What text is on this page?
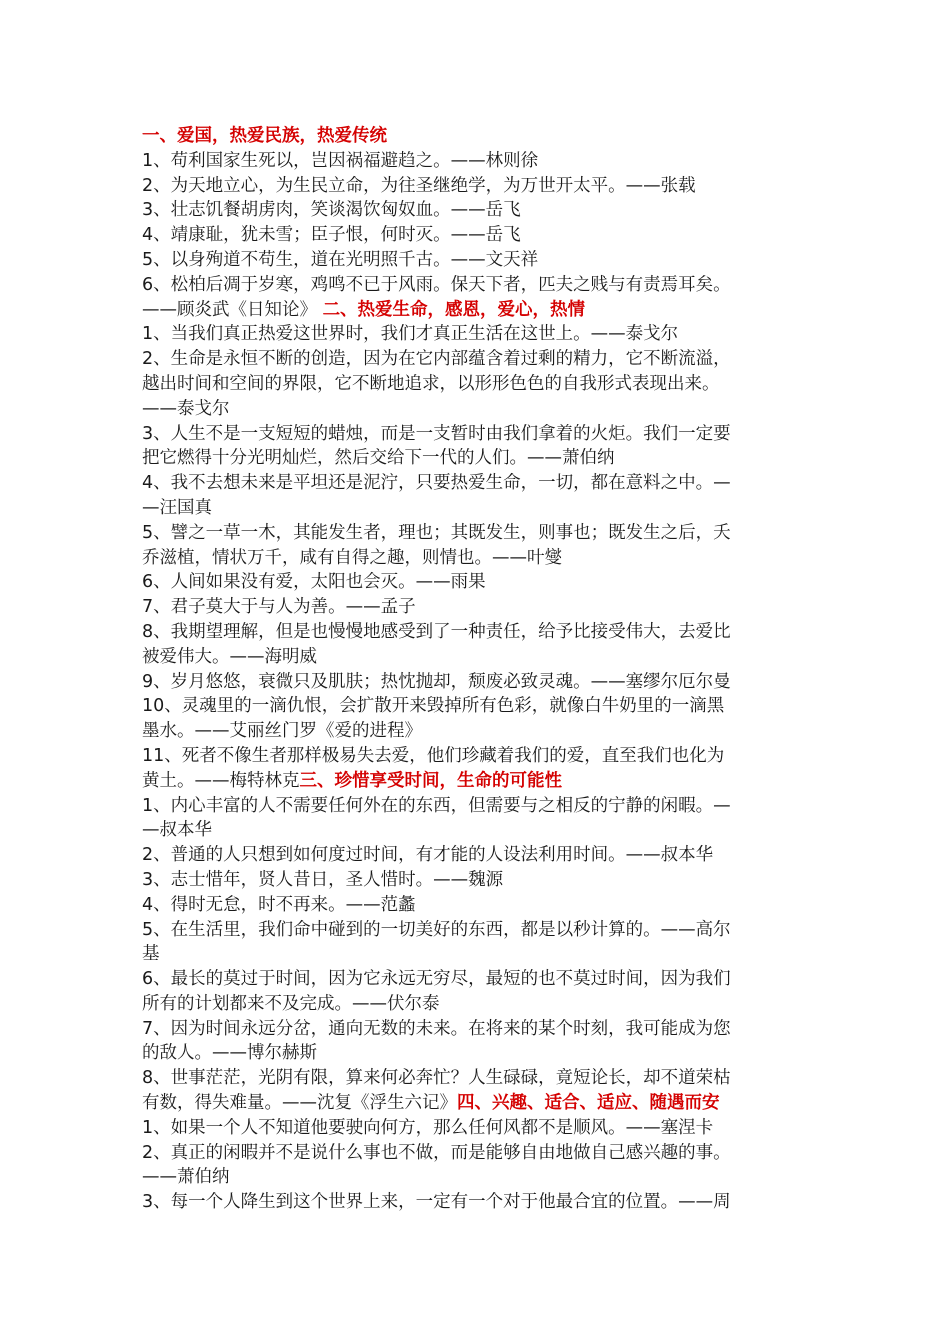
一、爱国，热爱民族，热爱传统
1、苟利国家生死以，岂因祸福避趋之。——林则徐
2、为天地立心，为生民立命，为往圣继绝学，为万世开太平。——张载
3、壮志饥餐胡虏肉，笑谈渴饮匈奴血。——岳飞
4、靖康耻，犹未雪；臣子恨，何时灭。——岳飞
5、以身殉道不苟生，道在光明照千古。——文天祥
6、松柏后凋于岁寒，鸡鸣不已于风雨。保天下者，匹夫之贱与有责焉耳矣。
——顾炎武《日知论》 二、热爱生命，感恩，爱心，热情
1、当我们真正热爱这世界时，我们才真正生活在这世上。——泰戈尔
2、生命是永恒不断的创造，因为在它内部蕴含着过剩的精力，它不断流溢，
越出时间和空间的界限，它不断地追求，以形形色色的自我形式表现出来。
——泰戈尔
3、人生不是一支短短的蜡烛，而是一支暂时由我们拿着的火炬。我们一定要
把它燃得十分光明灿烂，然后交给下一代的人们。——萧伯纳
4、我不去想未来是平坦还是泥泞，只要热爱生命，一切，都在意料之中。—
—汪国真
5、譬之一草一木，其能发生者，理也；其既发生，则事也；既发生之后，夭
乔滋植，情状万千，咸有自得之趣，则情也。——叶燮
6、人间如果没有爱，太阳也会灭。——雨果
7、君子莫大于与人为善。——孟子
8、我期望理解，但是也慢慢地感受到了一种责任，给予比接受伟大，去爱比
被爱伟大。——海明威
9、岁月悠悠，衰微只及肌肤；热忱抛却，颓废必致灵魂。——塞缪尔厄尔曼
10、灵魂里的一滴仇恨，会扩散开来毁掉所有色彩，就像白牛奶里的一滴黑
墨水。——艾丽丝门罗《爱的进程》
11、死者不像生者那样极易失去爱，他们珍藏着我们的爱，直至我们也化为
黄土。——梅特林克三、珍惜享受时间，生命的可能性
1、内心丰富的人不需要任何外在的东西，但需要与之相反的宁静的闲暇。—
—叔本华
2、普通的人只想到如何度过时间，有才能的人设法利用时间。——叔本华
3、志士惜年，贤人昔日，圣人惜时。——魏源
4、得时无怠，时不再来。——范蠡
5、在生活里，我们命中碰到的一切美好的东西，都是以秒计算的。——高尔
基
6、最长的莫过于时间，因为它永远无穷尽，最短的也不莫过时间，因为我们
所有的计划都来不及完成。——伏尔泰
7、因为时间永远分岔，通向无数的未来。在将来的某个时刻，我可能成为您
的敌人。——博尔赫斯
8、世事茫茫，光阴有限，算来何必奔忙？人生碌碌，竟短论长，却不道荣枯
有数，得失难量。——沈复《浮生六记》四、兴趣、适合、适应、随遇而安
1、如果一个人不知道他要驶向何方，那么任何风都不是顺风。——塞涅卡
2、真正的闲暇并不是说什么事也不做，而是能够自由地做自己感兴趣的事。
——萧伯纳
3、每一个人降生到这个世界上来，一定有一个对于他最合宜的位置。——周
